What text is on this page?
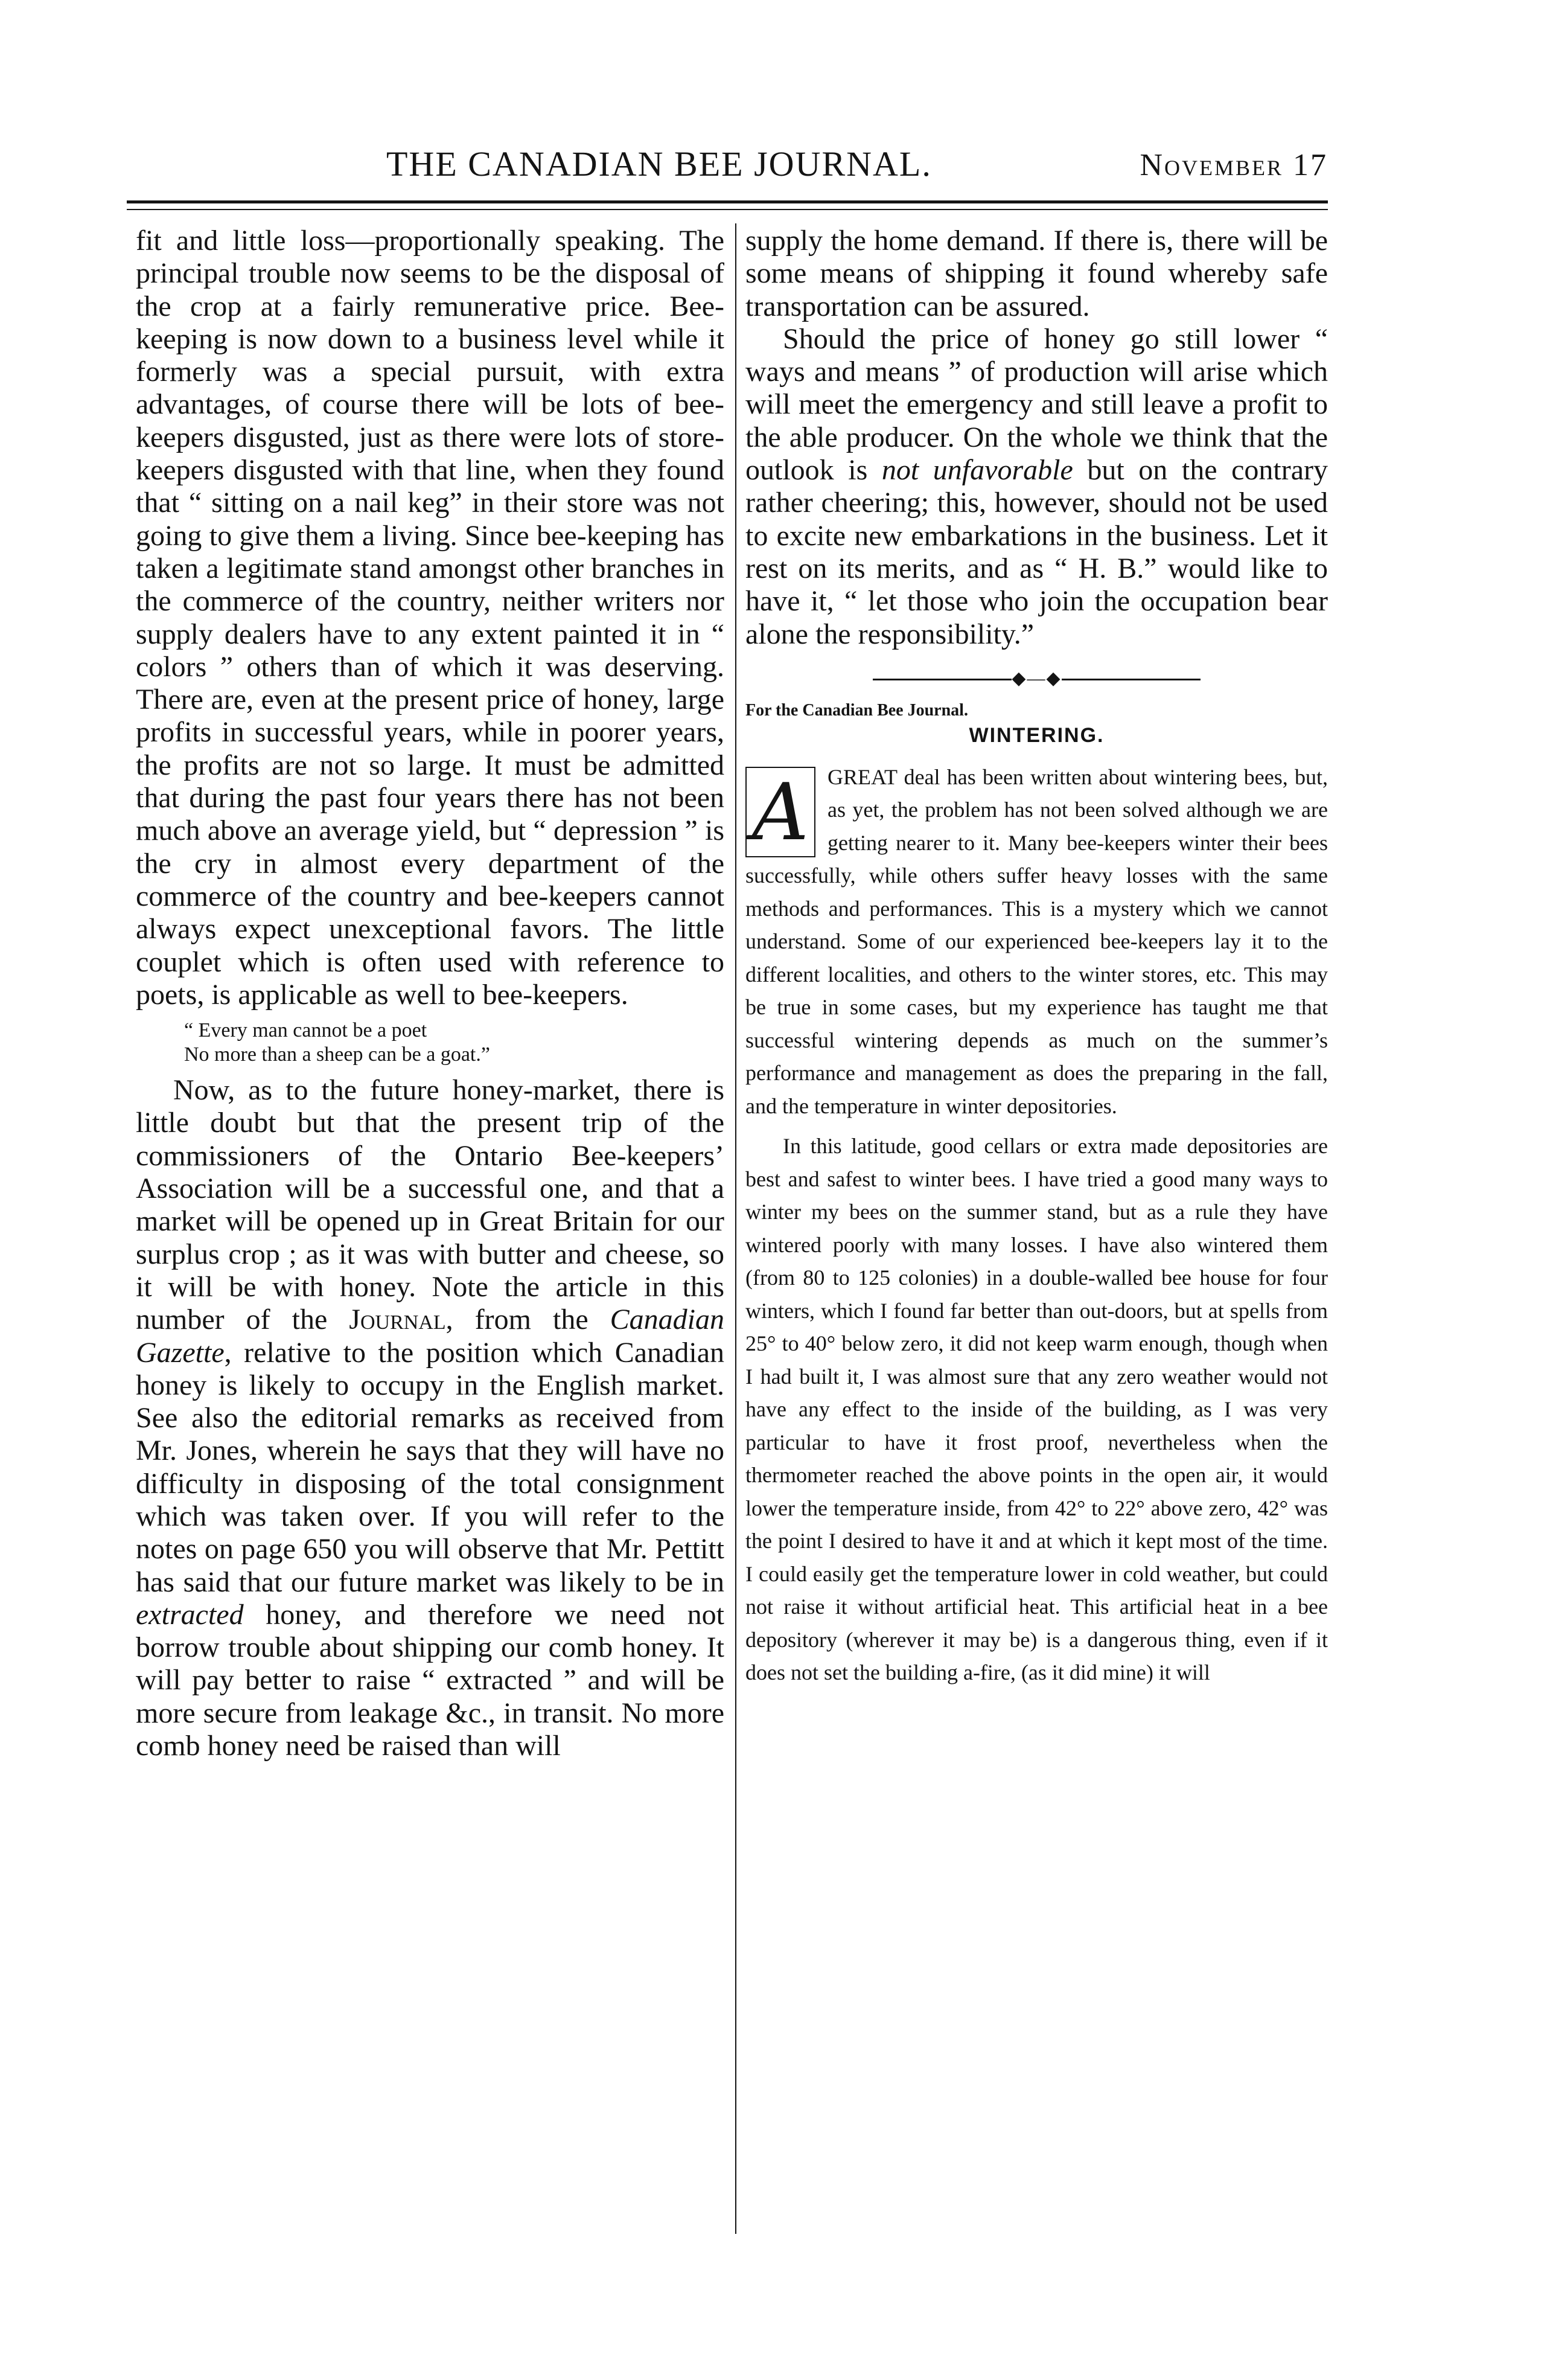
THE CANADIAN BEE JOURNAL.	November 17

fit and little loss—proportionally speaking. The principal trouble now seems to be the disposal of the crop at a fairly remunerative price. Bee-keeping is now down to a business level while it formerly was a special pursuit, with extra advantages, of course there will be lots of bee-keepers disgusted, just as there were lots of store-keepers disgusted with that line, when they found that “ sitting on a nail keg” in their store was not going to give them a living. Since bee-keeping has taken a legitimate stand amongst other branches in the commerce of the country, neither writers nor supply dealers have to any extent painted it in “ colors ” others than of which it was deserving. There are, even at the present price of honey, large profits in successful years, while in poorer years, the profits are not so large. It must be admitted that during the past four years there has not been much above an average yield, but “ depression ” is the cry in almost every department of the commerce of the country and bee-keepers cannot always expect unexceptional favors. The little couplet which is often used with reference to poets, is applicable as well to bee-keepers.

“ Every man cannot be a poet
No more than a sheep can be a goat.”

Now, as to the future honey-market, there is little doubt but that the present trip of the commissioners of the Ontario Bee-keepers’ Association will be a successful one, and that a market will be opened up in Great Britain for our surplus crop ; as it was with butter and cheese, so it will be with honey. Note the article in this number of the Journal, from the Canadian Gazette, relative to the position which Canadian honey is likely to occupy in the English market. See also the editorial remarks as received from Mr. Jones, wherein he says that they will have no difficulty in disposing of the total consignment which was taken over. If you will refer to the notes on page 650 you will observe that Mr. Pettitt has said that our future market was likely to be in extracted honey, and therefore we need not borrow trouble about shipping our comb honey. It will pay better to raise “ extracted ” and will be more secure from leakage &c., in transit. No more comb honey need be raised than will

supply the home demand. If there is, there will be some means of shipping it found whereby safe transportation can be assured.

Should the price of honey go still lower “ ways and means ” of production will arise which will meet the emergency and still leave a profit to the able producer. On the whole we think that the outlook is not unfavorable but on the contrary rather cheering; this, however, should not be used to excite new embarkations in the business. Let it rest on its merits, and as “ H. B.” would like to have it, “ let those who join the occupation bear alone the responsibility.”

◆—◆
For the Canadian Bee Journal.
WINTERING.

A GREAT deal has been written about wintering bees, but, as yet, the problem has not been solved although we are getting nearer to it. Many bee-keepers winter their bees successfully, while others suffer heavy losses with the same methods and performances. This is a mystery which we cannot understand. Some of our experienced bee-keepers lay it to the different localities, and others to the winter stores, etc. This may be true in some cases, but my experience has taught me that successful wintering depends as much on the summer’s performance and management as does the preparing in the fall, and the temperature in winter depositories.

In this latitude, good cellars or extra made depositories are best and safest to winter bees. I have tried a good many ways to winter my bees on the summer stand, but as a rule they have wintered poorly with many losses. I have also wintered them (from 80 to 125 colonies) in a double-walled bee house for four winters, which I found far better than out-doors, but at spells from 25° to 40° below zero, it did not keep warm enough, though when I had built it, I was almost sure that any zero weather would not have any effect to the inside of the building, as I was very particular to have it frost proof, nevertheless when the thermometer reached the above points in the open air, it would lower the temperature inside, from 42° to 22° above zero, 42° was the point I desired to have it and at which it kept most of the time. I could easily get the temperature lower in cold weather, but could not raise it without artificial heat. This artificial heat in a bee depository (wherever it may be) is a dangerous thing, even if it does not set the building a-fire, (as it did mine) it will
